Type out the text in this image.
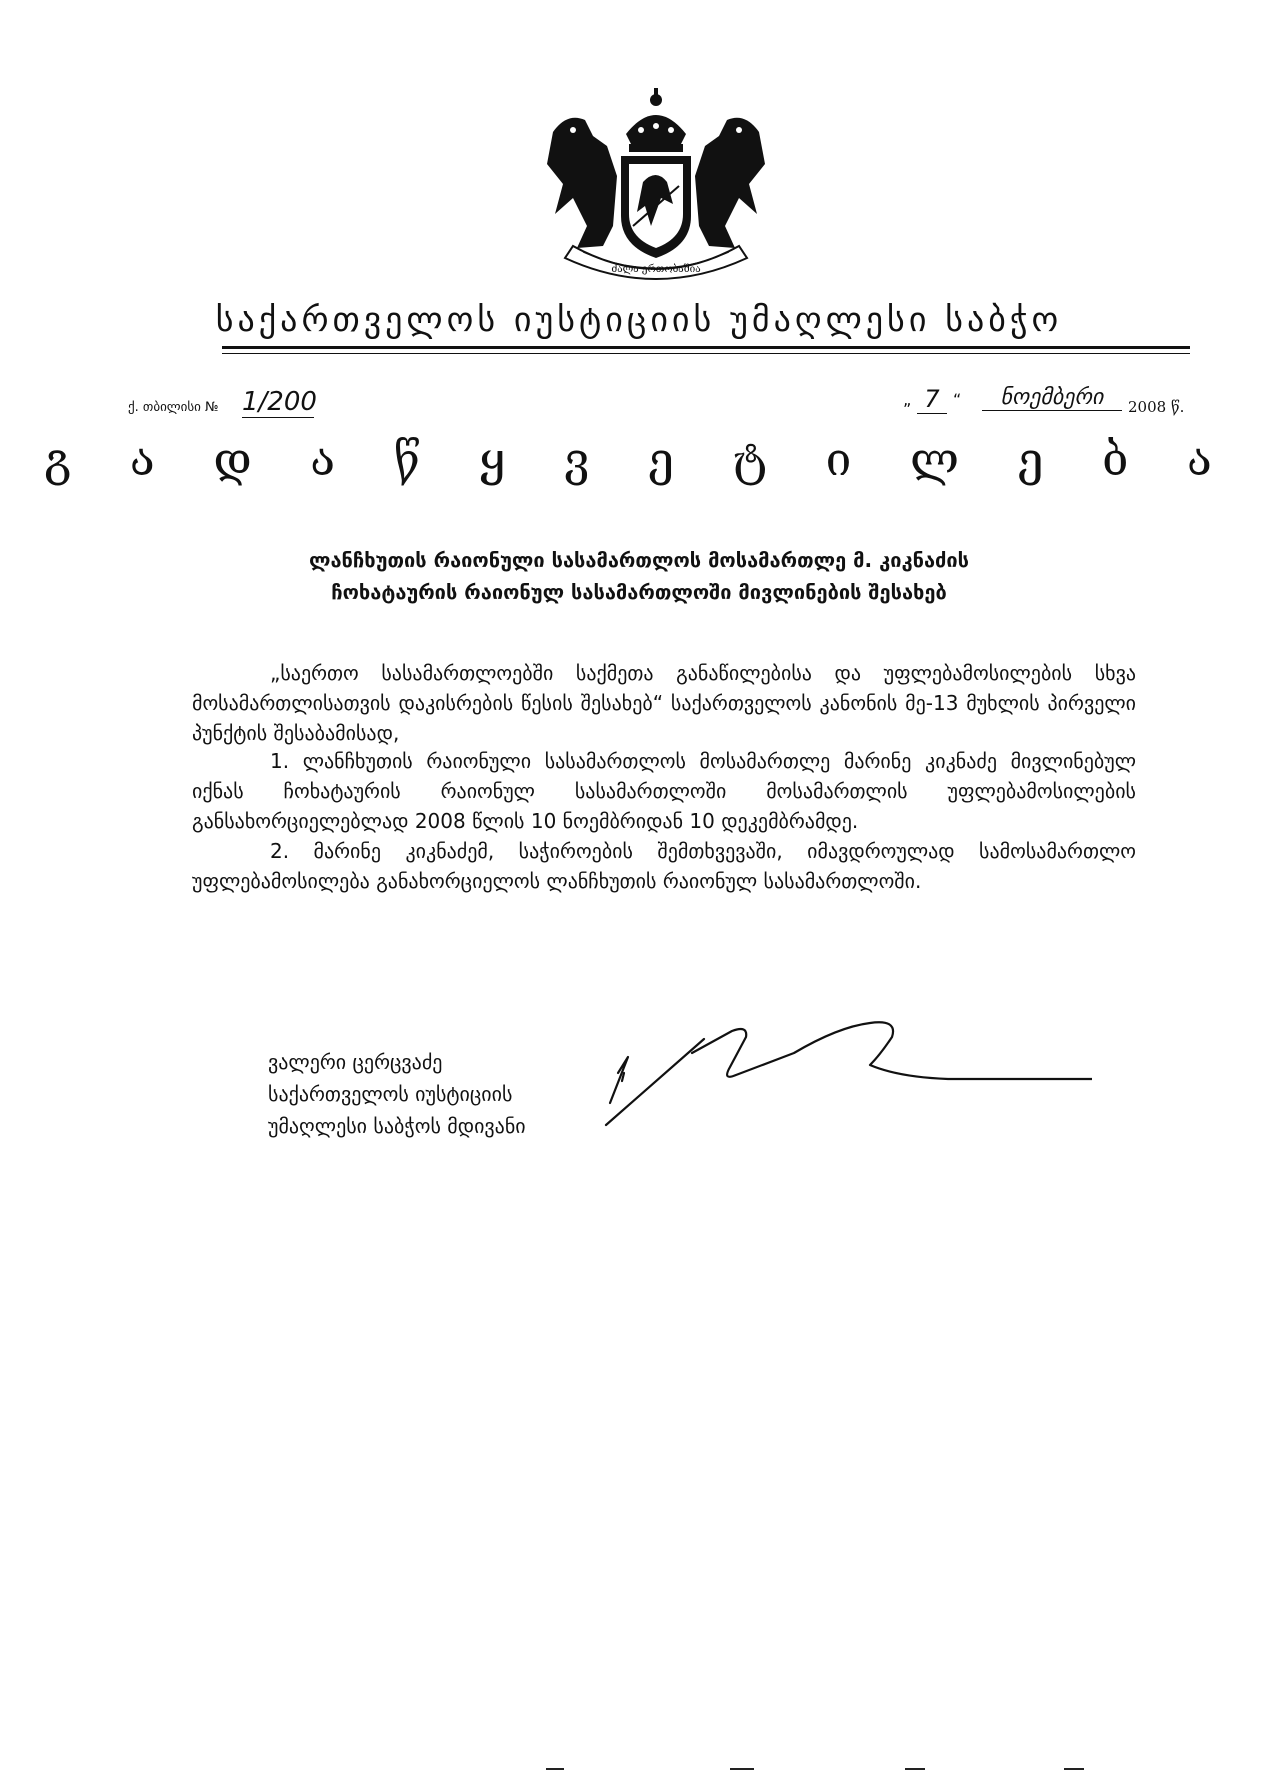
ძალა ერთობაშია
საქართველოს იუსტიციის უმაღლესი საბჭო
ქ. თბილისი № 1/200	„ 7 “	ნოემბერი	2008 წ.
გ ა დ ა წ ყ ვ ე ტ ი ლ ე ბ ა
ლანჩხუთის რაიონული სასამართლოს მოსამართლე მ. კიკნაძის
ჩოხატაურის რაიონულ სასამართლოში მივლინების შესახებ
„საერთო სასამართლოებში საქმეთა განაწილებისა და უფლებამოსილების სხვა მოსამართლისათვის დაკისრების წესის შესახებ“ საქართველოს კანონის მე-13 მუხლის პირველი პუნქტის შესაბამისად,
1. ლანჩხუთის რაიონული სასამართლოს მოსამართლე მარინე კიკნაძე მივლინებულ იქნას ჩოხატაურის რაიონულ სასამართლოში მოსამართლის უფლებამოსილების განსახორციელებლად 2008 წლის 10 ნოემბრიდან 10 დეკემბრამდე.
2. მარინე კიკნაძემ, საჭიროების შემთხვევაში, იმავდროულად სამოსამართლო უფლებამოსილება განახორციელოს ლანჩხუთის რაიონულ სასამართლოში.
ვალერი ცერცვაძე
საქართველოს იუსტიციის
უმაღლესი საბჭოს მდივანი
